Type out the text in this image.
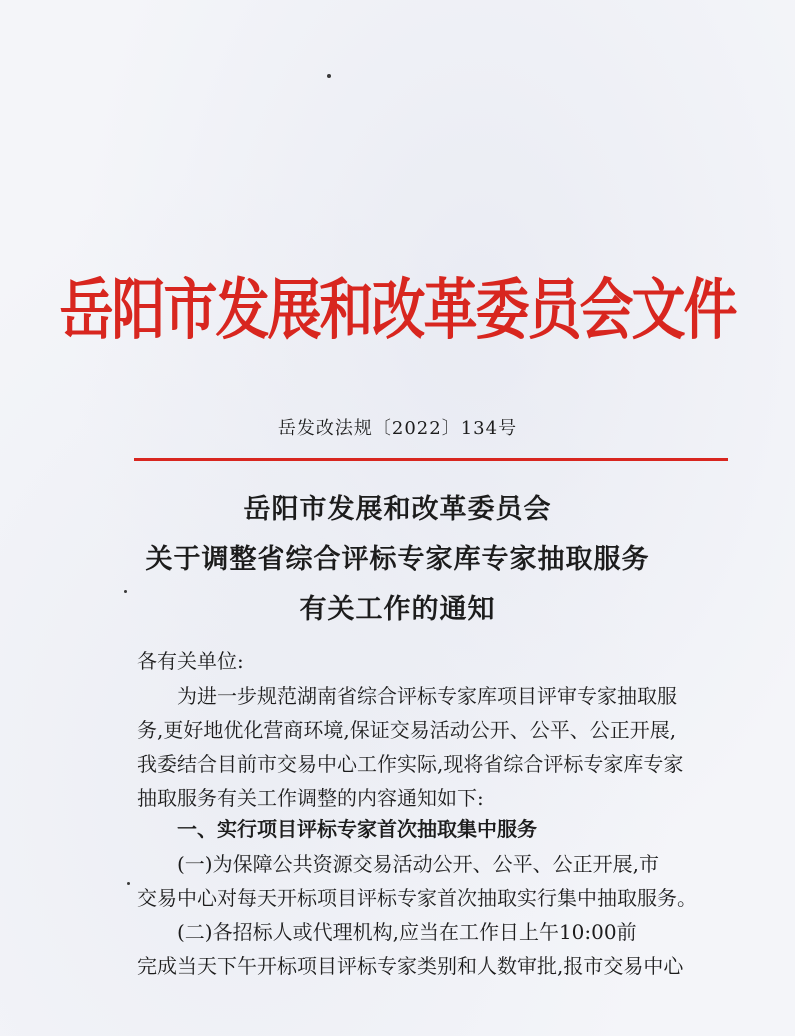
岳阳市发展和改革委员会文件
岳发改法规〔2022〕134号
岳阳市发展和改革委员会
关于调整省综合评标专家库专家抽取服务
有关工作的通知
各有关单位:
为进一步规范湖南省综合评标专家库项目评审专家抽取服
务,更好地优化营商环境,保证交易活动公开、公平、公正开展,
我委结合目前市交易中心工作实际,现将省综合评标专家库专家
抽取服务有关工作调整的内容通知如下:
一、实行项目评标专家首次抽取集中服务
(一)为保障公共资源交易活动公开、公平、公正开展,市
交易中心对每天开标项目评标专家首次抽取实行集中抽取服务。
(二)各招标人或代理机构,应当在工作日上午10:00前
完成当天下午开标项目评标专家类别和人数审批,报市交易中心
